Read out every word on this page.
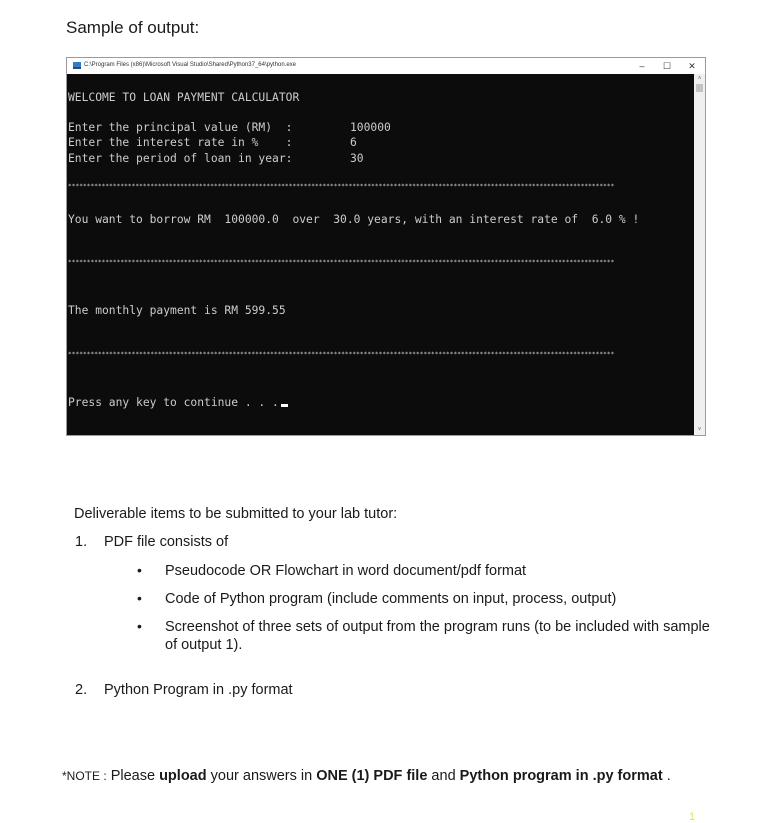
Sample of output:
C:\Program Files (x86)\Microsoft Visual Studio\Shared\Python37_64\python.exe	–	☐	✕
WELCOME TO LOAN PAYMENT CALCULATOR
Enter the principal value (RM)  :	100000
Enter the interest rate in %    :	6
Enter the period of loan in year:	30
**************************************************************************************************************************************************
You want to borrow RM  100000.0  over  30.0 years, with an interest rate of  6.0 % !
**************************************************************************************************************************************************
The monthly payment is RM 599.55
**************************************************************************************************************************************************
Press any key to continue . . .
˄
˅
Deliverable items to be submitted to your lab tutor:
1. PDF file consists of
• Pseudocode OR Flowchart in word document/pdf format
• Code of Python program (include comments on input, process, output)
• Screenshot of three sets of output from the program runs (to be included with sample of output 1).
2. Python Program in .py format
*NOTE : Please upload your answers in ONE (1) PDF file and Python program in .py format .
1
